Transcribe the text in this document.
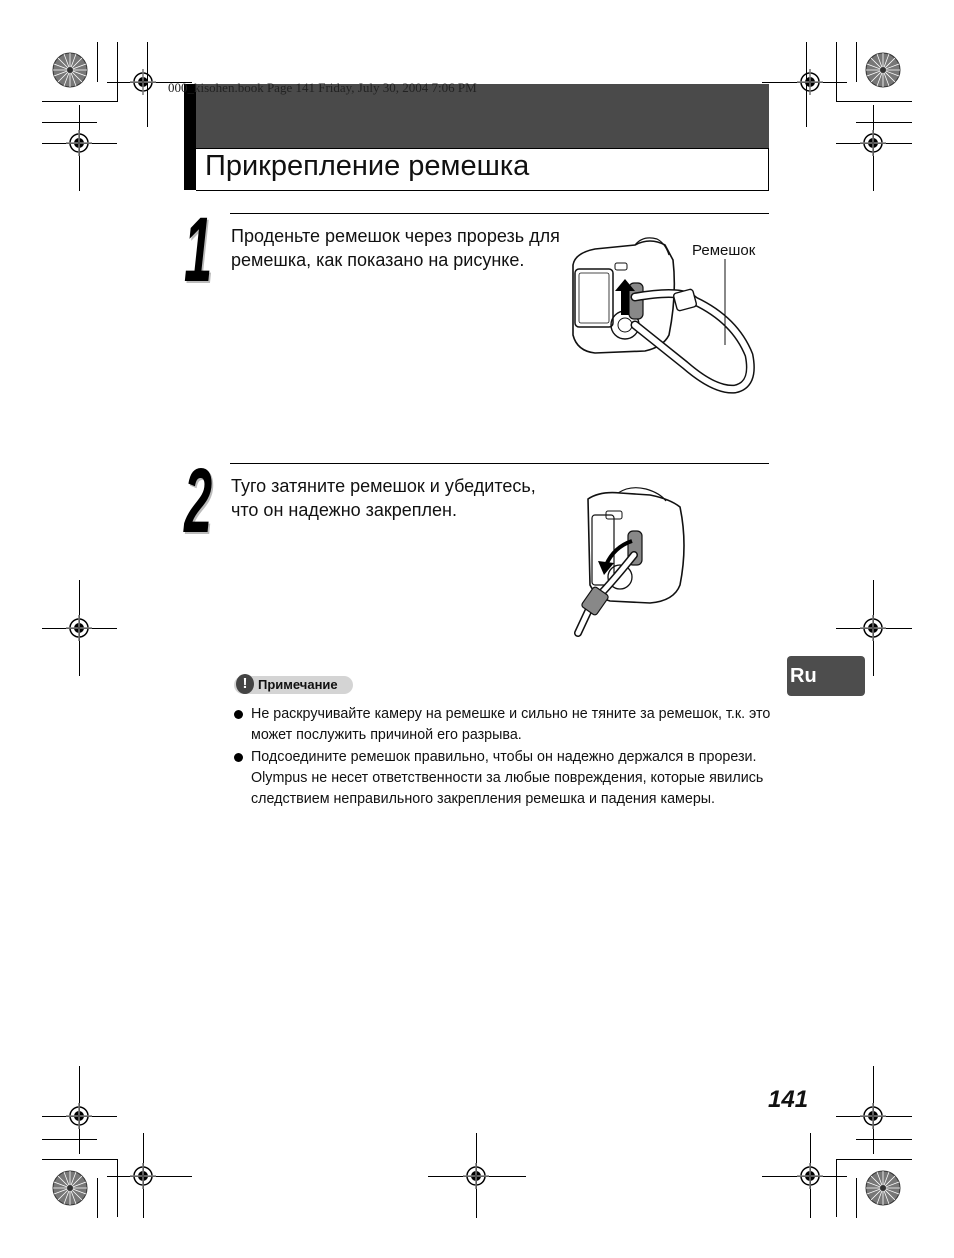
000_kisohen.book Page 141 Friday, July 30, 2004 7:06 PM
Прикрепление ремешка
1 Проденьте ремешок через прорезь для ремешка, как показано на рисунке.	Ремешок
2 Туго затяните ремешок и убедитесь, что он надежно закреплен.
Ru
! Примечание
Не раскручивайте камеру на ремешке и сильно не тяните за ремешок, т.к. это может послужить причиной его разрыва.
Подсоедините ремешок правильно, чтобы он надежно держался в прорези. Olympus не несет ответственности за любые повреждения, которые явились следствием неправильного закрепления ремешка и падения камеры.
141
